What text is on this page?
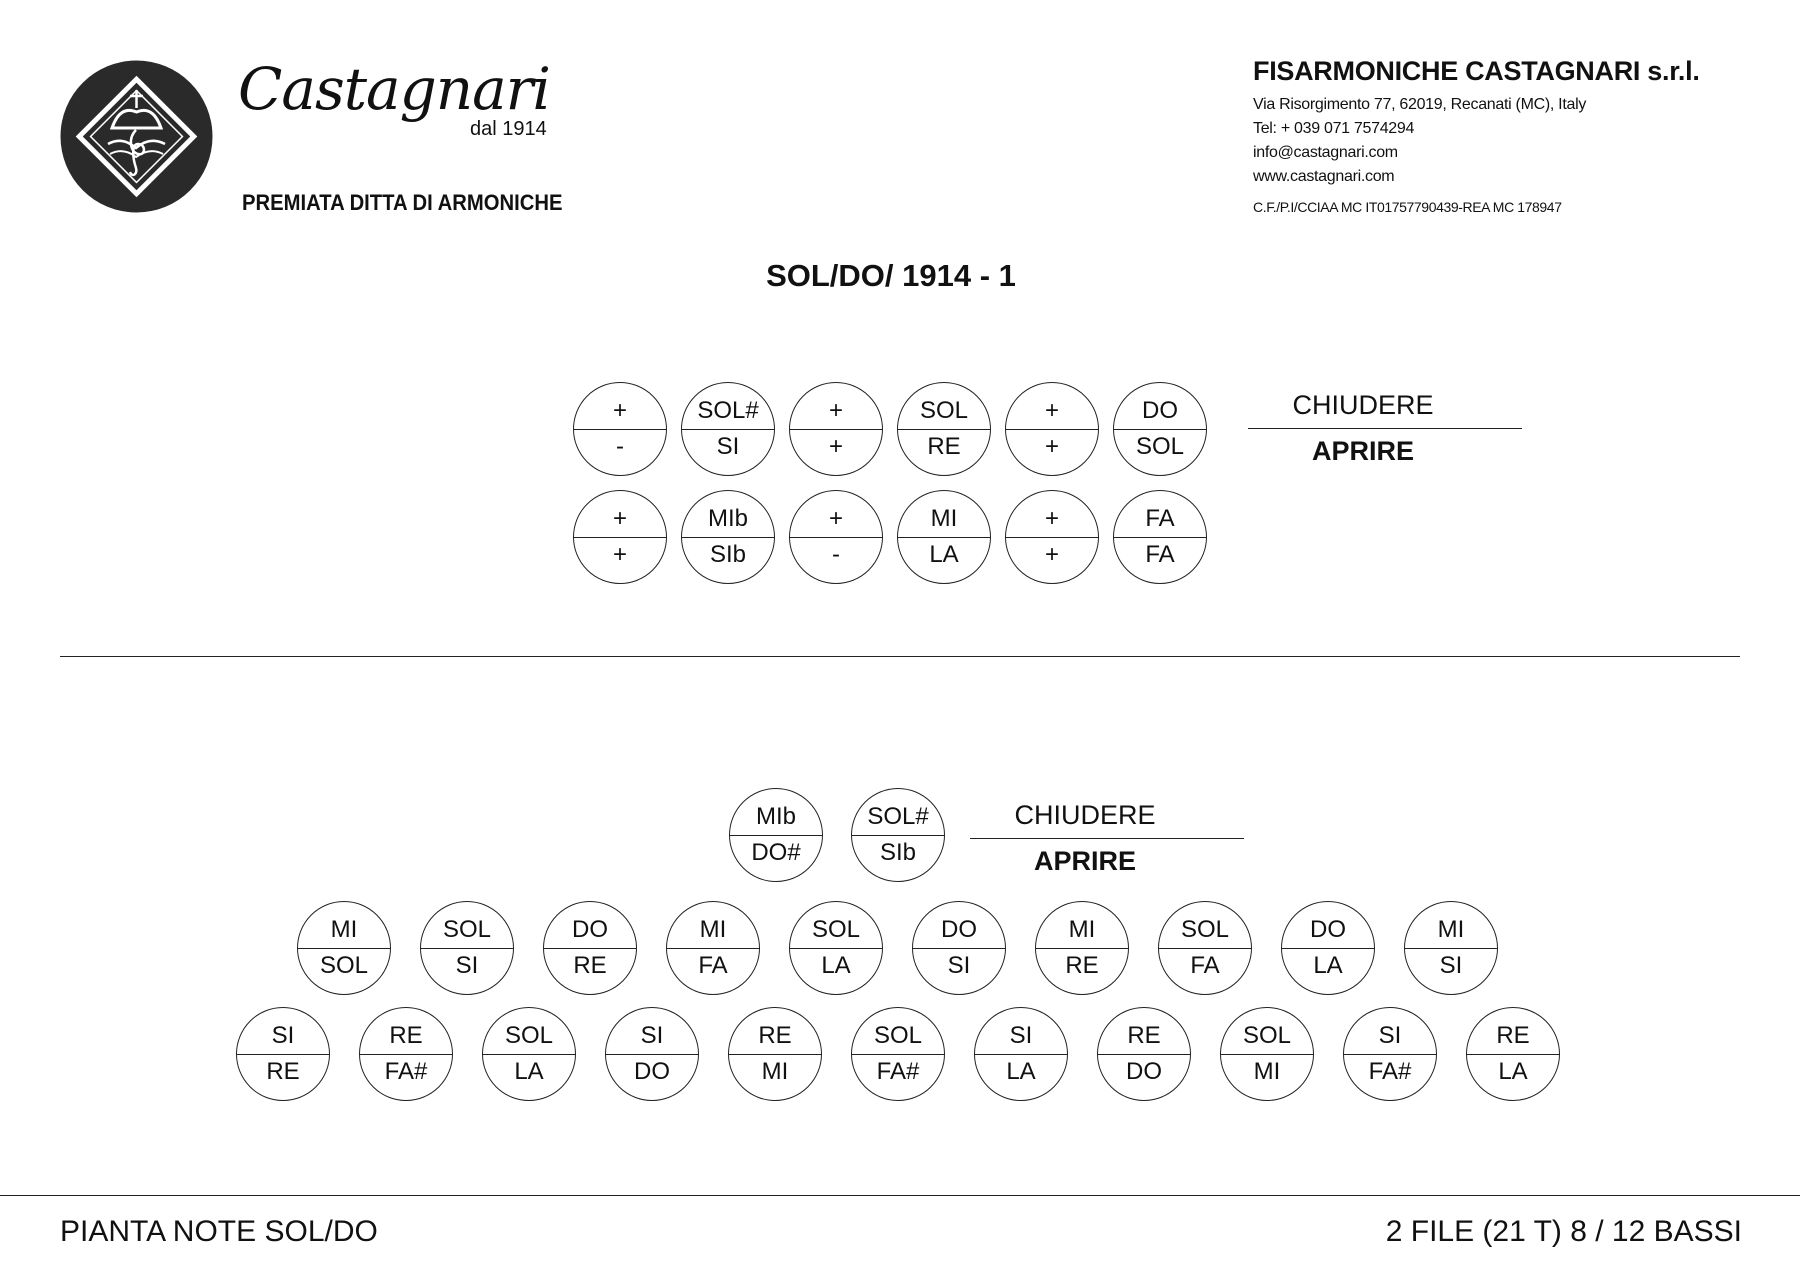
Castagnari
dal 1914
PREMIATA DITTA DI ARMONICHE
FISARMONICHE CASTAGNARI s.r.l.
Via Risorgimento 77, 62019, Recanati (MC), Italy
Tel: + 039 071 7574294
info@castagnari.com
www.castagnari.com
C.F./P.I/CCIAA MC IT01757790439-REA MC 178947
SOL/DO/ 1914 - 1
+
-
SOL#
SI
+
+
SOL
RE
+
+
DO
SOL
+
+
MIb
SIb
+
-
MI
LA
+
+
FA
FA
CHIUDERE
APRIRE
MIb
DO#
SOL#
SIb
MI
SOL
SOL
SI
DO
RE
MI
FA
SOL
LA
DO
SI
MI
RE
SOL
FA
DO
LA
MI
SI
SI
RE
RE
FA#
SOL
LA
SI
DO
RE
MI
SOL
FA#
SI
LA
RE
DO
SOL
MI
SI
FA#
RE
LA
CHIUDERE
APRIRE
PIANTA NOTE SOL/DO	2 FILE (21 T) 8 / 12 BASSI
